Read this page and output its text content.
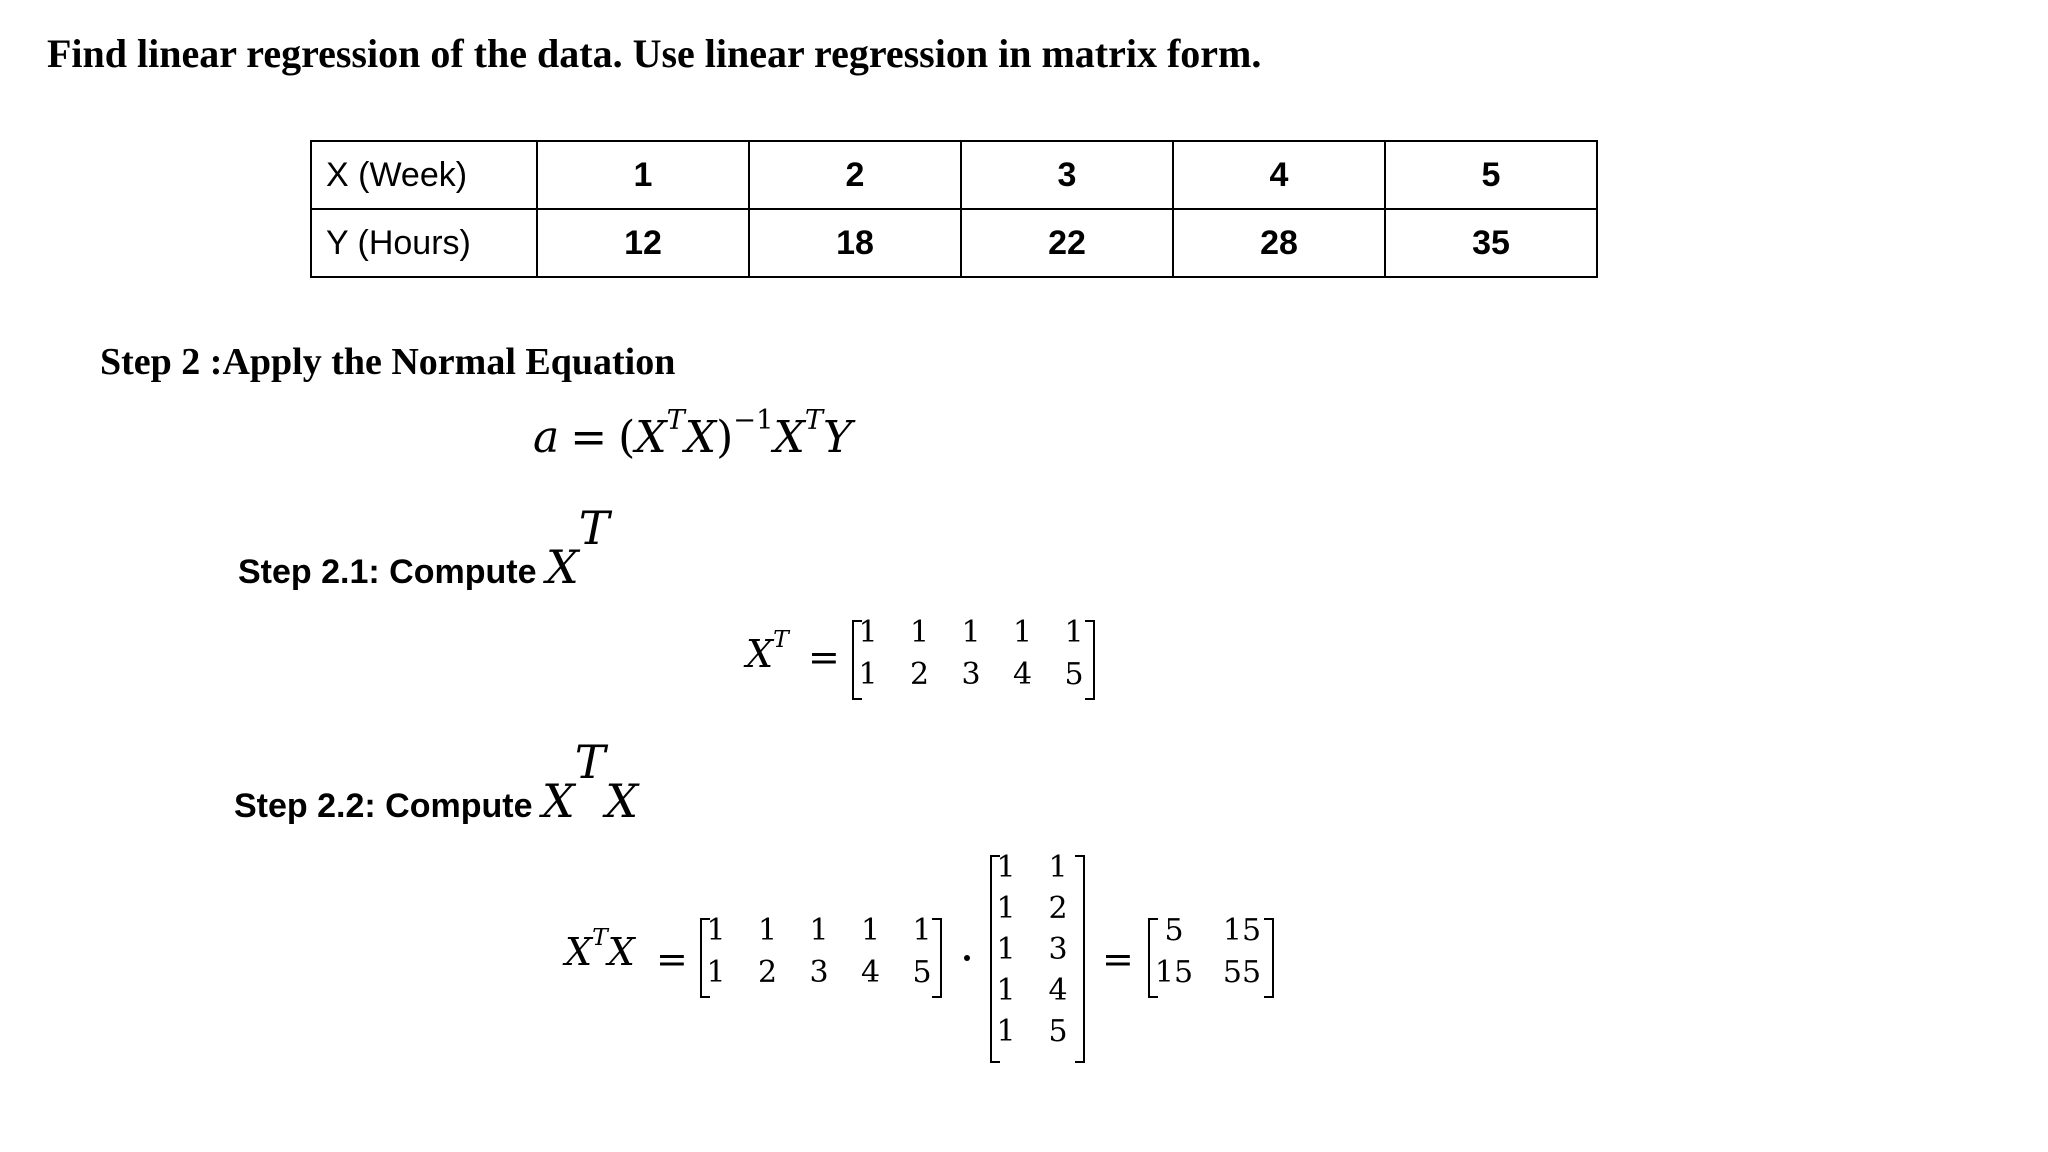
Find linear regression of the data. Use linear regression in matrix form.
X (Week)	1	2	3	4	5
Y (Hours)	12	18	22	28	35
Step 2 :Apply the Normal Equation
$a = (X^TX)^{-1}X^TY$
Step 2.1: Compute $X^T$
$X^T$ =
1	1	1	1	1
1	2	3	4	5
Step 2.2: Compute $X^TX$
$X^TX$ =
1	1	1	1	1
1	2	3	4	5
1	1
1	2
1	3
1	4
1	5
=
5	15
15 55
